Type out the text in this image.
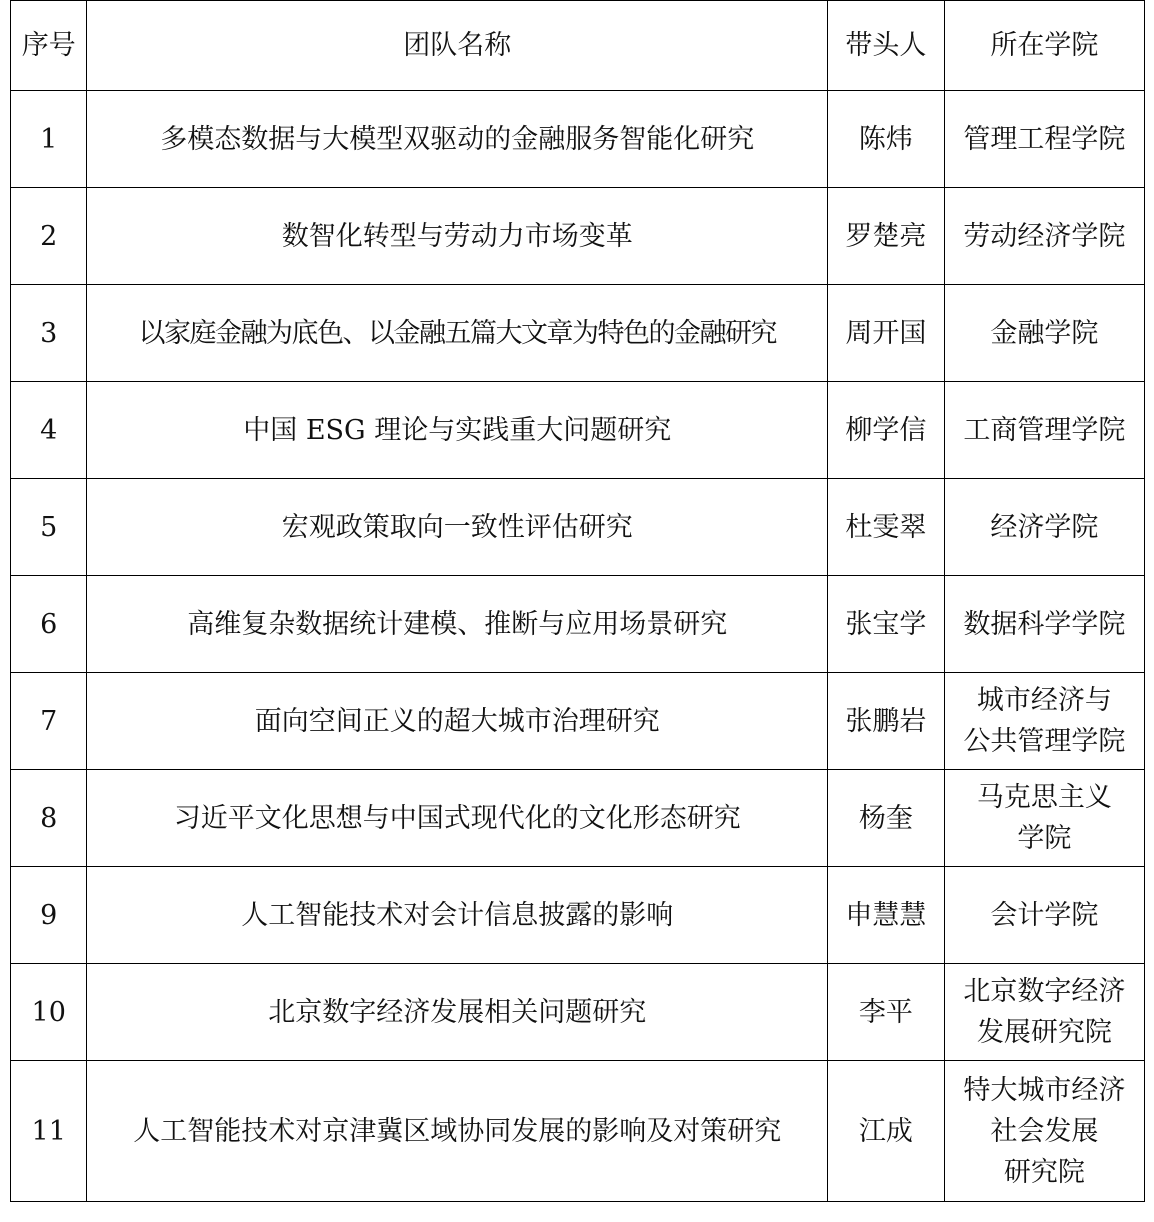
序号	团队名称	带头人	所在学院
1	多模态数据与大模型双驱动的金融服务智能化研究	陈炜	管理工程学院
2	数智化转型与劳动力市场变革	罗楚亮	劳动经济学院
3	以家庭金融为底色、以金融五篇大文章为特色的金融研究	周开国	金融学院
4	中国 ESG 理论与实践重大问题研究	柳学信	工商管理学院
5	宏观政策取向一致性评估研究	杜雯翠	经济学院
6	高维复杂数据统计建模、推断与应用场景研究	张宝学	数据科学学院
7	面向空间正义的超大城市治理研究	张鹏岩	城市经济与
公共管理学院
8	习近平文化思想与中国式现代化的文化形态研究	杨奎	马克思主义
学院
9	人工智能技术对会计信息披露的影响	申慧慧	会计学院
10	北京数字经济发展相关问题研究	李平	北京数字经济
发展研究院
11	人工智能技术对京津冀区域协同发展的影响及对策研究	江成	特大城市经济
社会发展
研究院
